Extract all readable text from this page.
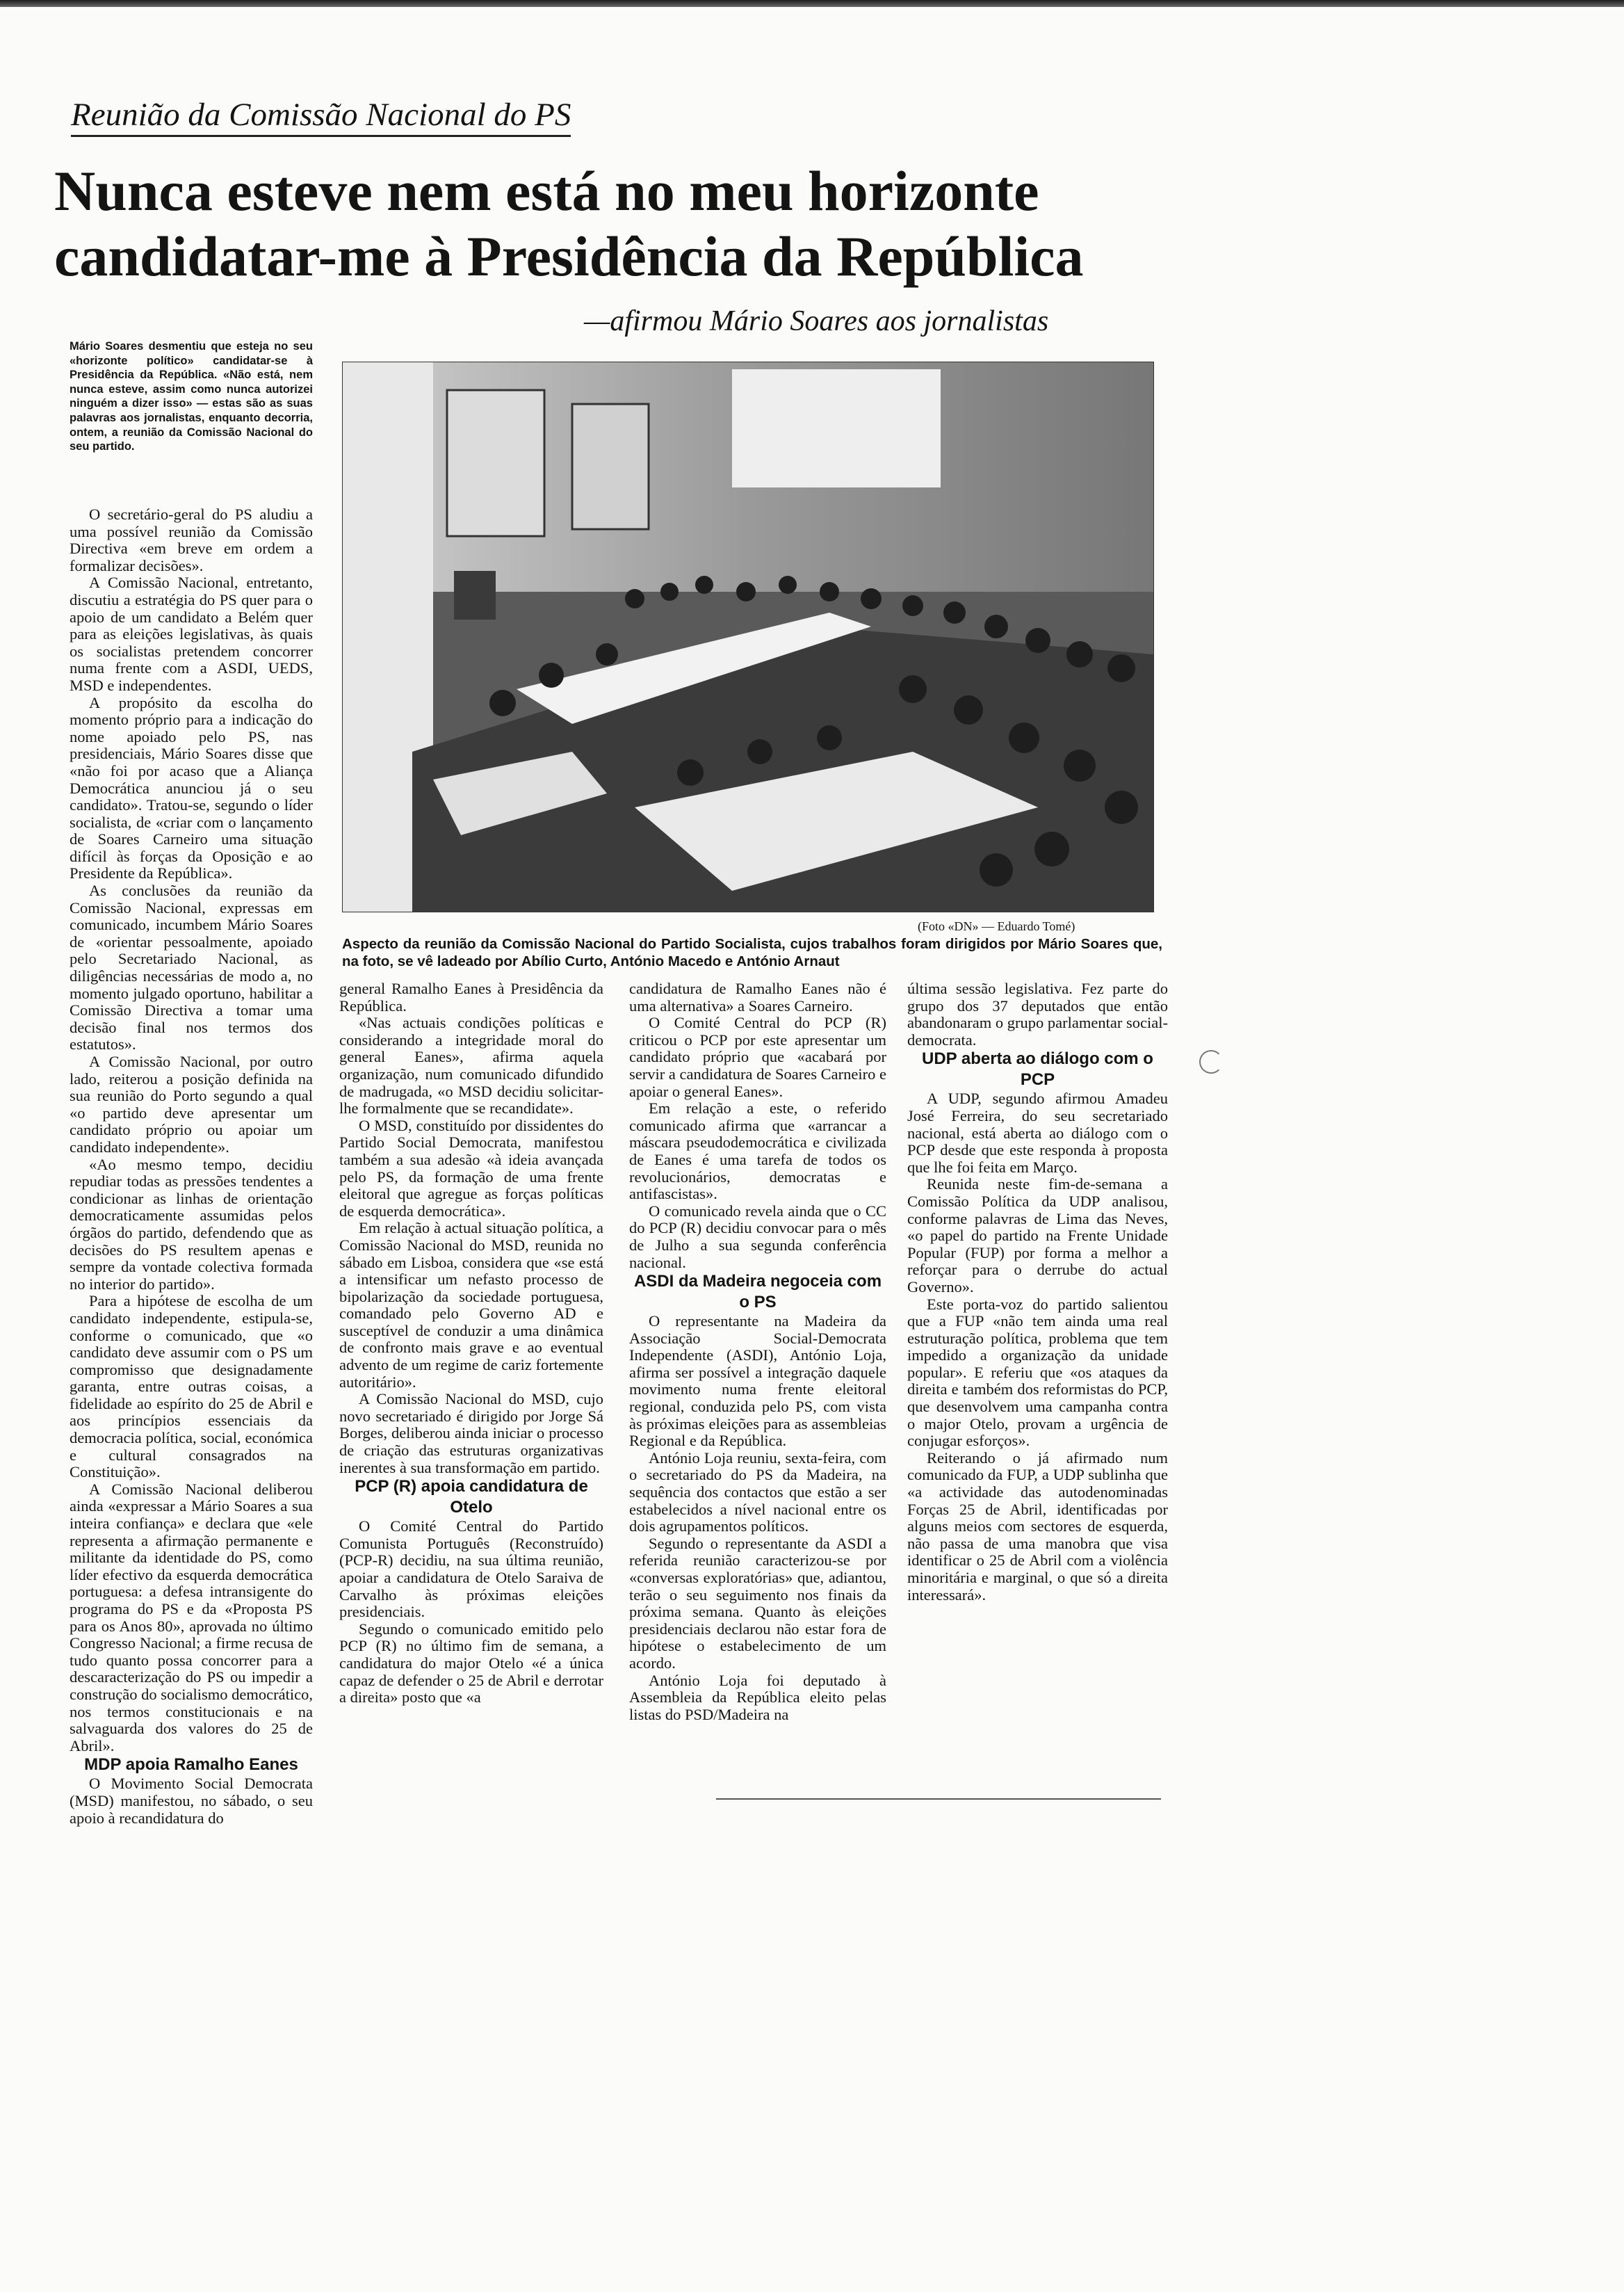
Reunião da Comissão Nacional do PS
Nunca esteve nem está no meu horizonte
candidatar-me à Presidência da República

—afirmou Mário Soares aos jornalistas

Mário Soares desmentiu que esteja no seu «horizonte político» candidatar-se à Presidência da República. «Não está, nem nunca esteve, assim como nunca autorizei ninguém a dizer isso» — estas são as suas palavras aos jornalistas, enquanto decorria, ontem, a reunião da Comissão Nacional do seu partido.

(Foto «DN» — Eduardo Tomé)

Aspecto da reunião da Comissão Nacional do Partido Socialista, cujos trabalhos foram dirigidos por Mário Soares que, na foto, se vê ladeado por Abílio Curto, António Macedo e António Arnaut

O secretário-geral do PS aludiu a uma possível reunião da Comissão Directiva «em breve em ordem a formalizar decisões».

A Comissão Nacional, entretanto, discutiu a estratégia do PS quer para o apoio de um candidato a Belém quer para as eleições legislativas, às quais os socialistas pretendem concorrer numa frente com a ASDI, UEDS, MSD e independentes.

A propósito da escolha do momento próprio para a indicação do nome apoiado pelo PS, nas presidenciais, Mário Soares disse que «não foi por acaso que a Aliança Democrática anunciou já o seu candidato». Tratou-se, segundo o líder socialista, de «criar com o lançamento de Soares Carneiro uma situação difícil às forças da Oposição e ao Presidente da República».

As conclusões da reunião da Comissão Nacional, expressas em comunicado, incumbem Mário Soares de «orientar pessoalmente, apoiado pelo Secretariado Nacional, as diligências necessárias de modo a, no momento julgado oportuno, habilitar a Comissão Directiva a tomar uma decisão final nos termos dos estatutos».

A Comissão Nacional, por outro lado, reiterou a posição definida na sua reunião do Porto segundo a qual «o partido deve apresentar um candidato próprio ou apoiar um candidato independente».

«Ao mesmo tempo, decidiu repudiar todas as pressões tendentes a condicionar as linhas de orientação democraticamente assumidas pelos órgãos do partido, defendendo que as decisões do PS resultem apenas e sempre da vontade colectiva formada no interior do partido».

Para a hipótese de escolha de um candidato independente, estipula-se, conforme o comunicado, que «o candidato deve assumir com o PS um compromisso que designadamente garanta, entre outras coisas, a fidelidade ao espírito do 25 de Abril e aos princípios essenciais da democracia política, social, económica e cultural consagrados na Constituição».

A Comissão Nacional deliberou ainda «expressar a Mário Soares a sua inteira confiança» e declara que «ele representa a afirmação permanente e militante da identidade do PS, como líder efectivo da esquerda democrática portuguesa: a defesa intransigente do programa do PS e da «Proposta PS para os Anos 80», aprovada no último Congresso Nacional; a firme recusa de tudo quanto possa concorrer para a descaracterização do PS ou impedir a construção do socialismo democrático, nos termos constitucionais e na salvaguarda dos valores do 25 de Abril».

MDP apoia Ramalho Eanes

O Movimento Social Democrata (MSD) manifestou, no sábado, o seu apoio à recandidatura do

general Ramalho Eanes à Presidência da República.

«Nas actuais condições políticas e considerando a integridade moral do general Eanes», afirma aquela organização, num comunicado difundido de madrugada, «o MSD decidiu solicitar-lhe formalmente que se recandidate».

O MSD, constituído por dissidentes do Partido Social Democrata, manifestou também a sua adesão «à ideia avançada pelo PS, da formação de uma frente eleitoral que agregue as forças políticas de esquerda democrática».

Em relação à actual situação política, a Comissão Nacional do MSD, reunida no sábado em Lisboa, considera que «se está a intensificar um nefasto processo de bipolarização da sociedade portuguesa, comandado pelo Governo AD e susceptível de conduzir a uma dinâmica de confronto mais grave e ao eventual advento de um regime de cariz fortemente autoritário».

A Comissão Nacional do MSD, cujo novo secretariado é dirigido por Jorge Sá Borges, deliberou ainda iniciar o processo de criação das estruturas organizativas inerentes à sua transformação em partido.

PCP (R) apoia candidatura de Otelo

O Comité Central do Partido Comunista Português (Reconstruído) (PCP-R) decidiu, na sua última reunião, apoiar a candidatura de Otelo Saraiva de Carvalho às próximas eleições presidenciais.

Segundo o comunicado emitido pelo PCP (R) no último fim de semana, a candidatura do major Otelo «é a única capaz de defender o 25 de Abril e derrotar a direita» posto que «a

candidatura de Ramalho Eanes não é uma alternativa» a Soares Carneiro.

O Comité Central do PCP (R) criticou o PCP por este apresentar um candidato próprio que «acabará por servir a candidatura de Soares Carneiro e apoiar o general Eanes».

Em relação a este, o referido comunicado afirma que «arrancar a máscara pseudodemocrática e civilizada de Eanes é uma tarefa de todos os revolucionários, democratas e antifascistas».

O comunicado revela ainda que o CC do PCP (R) decidiu convocar para o mês de Julho a sua segunda conferência nacional.

ASDI da Madeira negoceia com o PS

O representante na Madeira da Associação Social-Democrata Independente (ASDI), António Loja, afirma ser possível a integração daquele movimento numa frente eleitoral regional, conduzida pelo PS, com vista às próximas eleições para as assembleias Regional e da República.

António Loja reuniu, sexta-feira, com o secretariado do PS da Madeira, na sequência dos contactos que estão a ser estabelecidos a nível nacional entre os dois agrupamentos políticos.

Segundo o representante da ASDI a referida reunião caracterizou-se por «conversas exploratórias» que, adiantou, terão o seu seguimento nos finais da próxima semana. Quanto às eleições presidenciais declarou não estar fora de hipótese o estabelecimento de um acordo.

António Loja foi deputado à Assembleia da República eleito pelas listas do PSD/Madeira na

última sessão legislativa. Fez parte do grupo dos 37 deputados que então abandonaram o grupo parlamentar social-democrata.

UDP aberta ao diálogo com o PCP

A UDP, segundo afirmou Amadeu José Ferreira, do seu secretariado nacional, está aberta ao diálogo com o PCP desde que este responda à proposta que lhe foi feita em Março.

Reunida neste fim-de-semana a Comissão Política da UDP analisou, conforme palavras de Lima das Neves, «o papel do partido na Frente Unidade Popular (FUP) por forma a melhor a reforçar para o derrube do actual Governo».

Este porta-voz do partido salientou que a FUP «não tem ainda uma real estruturação política, problema que tem impedido a organização da unidade popular». E referiu que «os ataques da direita e também dos reformistas do PCP, que desenvolvem uma campanha contra o major Otelo, provam a urgência de conjugar esforços».

Reiterando o já afirmado num comunicado da FUP, a UDP sublinha que «a actividade das autodenominadas Forças 25 de Abril, identificadas por alguns meios com sectores de esquerda, não passa de uma manobra que visa identificar o 25 de Abril com a violência minoritária e marginal, o que só a direita interessará».
